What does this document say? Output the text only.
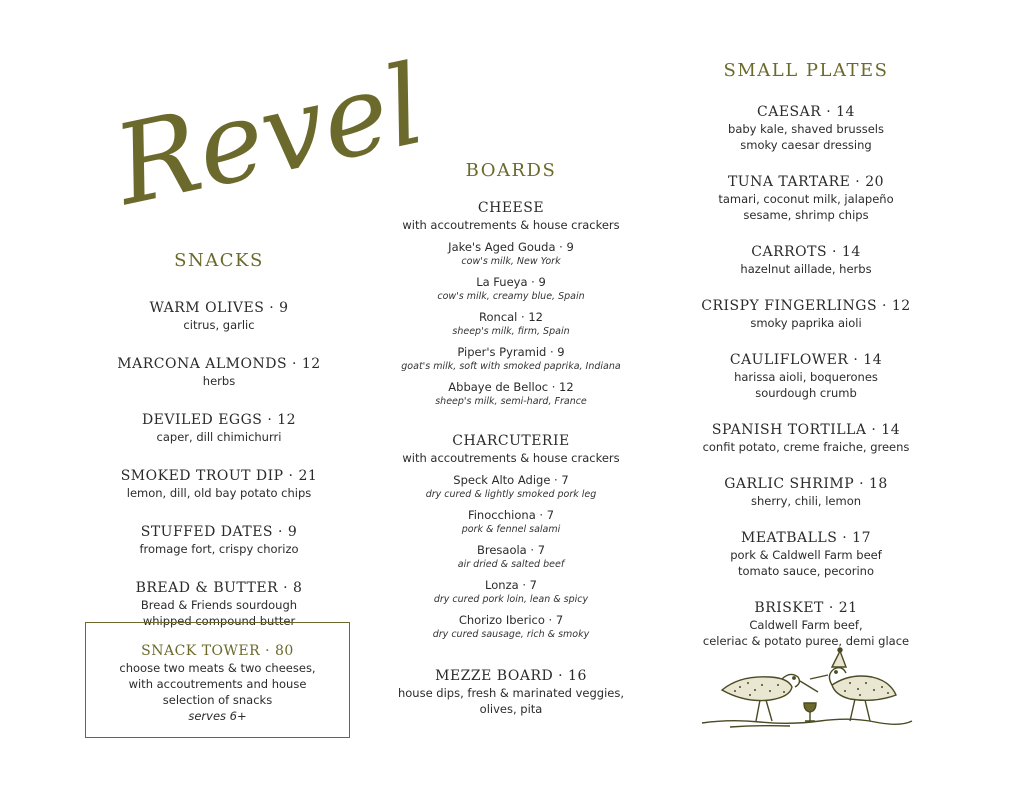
Revel
SNACKS
WARM OLIVES · 9
citrus, garlic
MARCONA ALMONDS · 12
herbs
DEVILED EGGS · 12
caper, dill chimichurri
SMOKED TROUT DIP · 21
lemon, dill, old bay potato chips
STUFFED DATES · 9
fromage fort, crispy chorizo
BREAD & BUTTER · 8
Bread & Friends sourdough
whipped compound butter
SNACK TOWER · 80
choose two meats & two cheeses,
with accoutrements and house
selection of snacks
serves 6+
BOARDS
CHEESE
with accoutrements & house crackers
Jake's Aged Gouda · 9
cow's milk, New York
La Fueya · 9
cow's milk, creamy blue, Spain
Roncal · 12
sheep's milk, firm, Spain
Piper's Pyramid · 9
goat's milk, soft with smoked paprika, Indiana
Abbaye de Belloc · 12
sheep's milk, semi-hard, France
CHARCUTERIE
with accoutrements & house crackers
Speck Alto Adige · 7
dry cured & lightly smoked pork leg
Finocchiona · 7
pork & fennel salami
Bresaola · 7
air dried & salted beef
Lonza · 7
dry cured pork loin, lean & spicy
Chorizo Iberico · 7
dry cured sausage, rich & smoky
MEZZE BOARD · 16
house dips, fresh & marinated veggies,
olives, pita
SMALL PLATES
CAESAR · 14
baby kale, shaved brussels
smoky caesar dressing
TUNA TARTARE · 20
tamari, coconut milk, jalapeño
sesame, shrimp chips
CARROTS · 14
hazelnut aillade, herbs
CRISPY FINGERLINGS · 12
smoky paprika aioli
CAULIFLOWER · 14
harissa aioli, boquerones
sourdough crumb
SPANISH TORTILLA · 14
confit potato, creme fraiche, greens
GARLIC SHRIMP · 18
sherry, chili, lemon
MEATBALLS · 17
pork & Caldwell Farm beef
tomato sauce, pecorino
BRISKET · 21
Caldwell Farm beef,
celeriac & potato puree, demi glace
